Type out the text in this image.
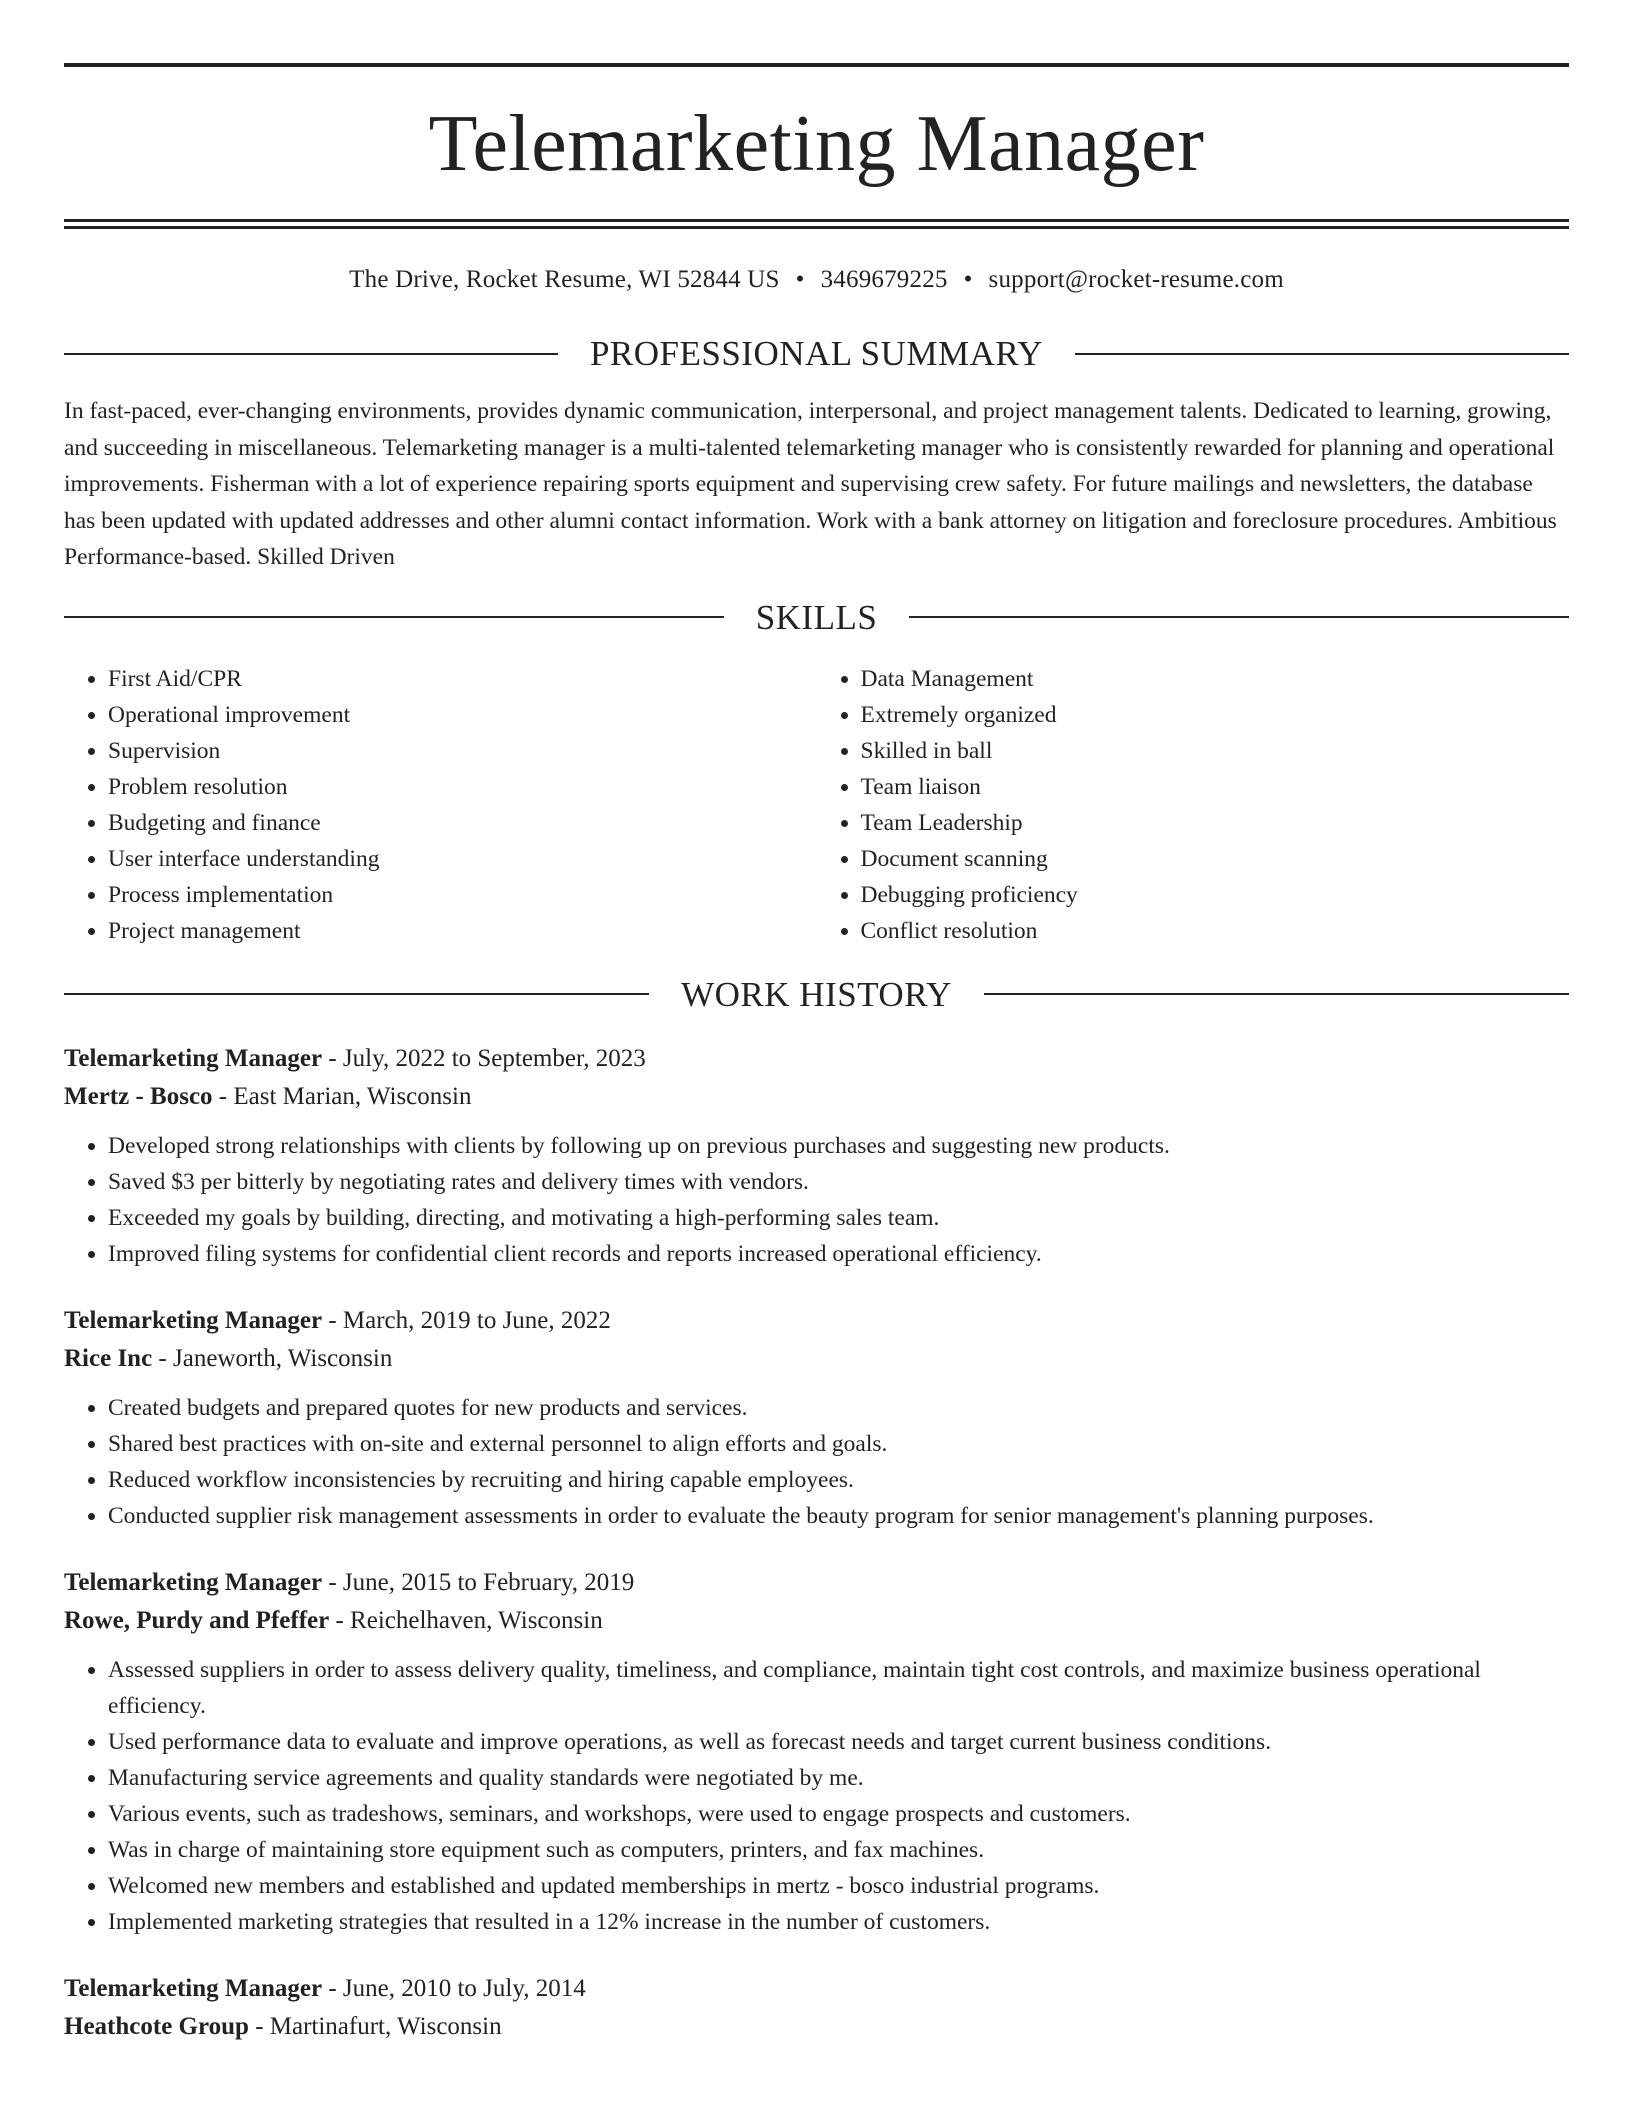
Telemarketing Manager
The Drive, Rocket Resume, WI 52844 US • 3469679225 • support@rocket-resume.com
PROFESSIONAL SUMMARY
In fast-paced, ever-changing environments, provides dynamic communication, interpersonal, and project management talents. Dedicated to learning, growing, and succeeding in miscellaneous. Telemarketing manager is a multi-talented telemarketing manager who is consistently rewarded for planning and operational improvements. Fisherman with a lot of experience repairing sports equipment and supervising crew safety. For future mailings and newsletters, the database has been updated with updated addresses and other alumni contact information. Work with a bank attorney on litigation and foreclosure procedures. Ambitious Performance-based. Skilled Driven
SKILLS
• First Aid/CPR
• Operational improvement
• Supervision
• Problem resolution
• Budgeting and finance
• User interface understanding
• Process implementation
• Project management
• Data Management
• Extremely organized
• Skilled in ball
• Team liaison
• Team Leadership
• Document scanning
• Debugging proficiency
• Conflict resolution
WORK HISTORY
Telemarketing Manager - July, 2022 to September, 2023
Mertz - Bosco - East Marian, Wisconsin
• Developed strong relationships with clients by following up on previous purchases and suggesting new products.
• Saved $3 per bitterly by negotiating rates and delivery times with vendors.
• Exceeded my goals by building, directing, and motivating a high-performing sales team.
• Improved filing systems for confidential client records and reports increased operational efficiency.
Telemarketing Manager - March, 2019 to June, 2022
Rice Inc - Janeworth, Wisconsin
• Created budgets and prepared quotes for new products and services.
• Shared best practices with on-site and external personnel to align efforts and goals.
• Reduced workflow inconsistencies by recruiting and hiring capable employees.
• Conducted supplier risk management assessments in order to evaluate the beauty program for senior management's planning purposes.
Telemarketing Manager - June, 2015 to February, 2019
Rowe, Purdy and Pfeffer - Reichelhaven, Wisconsin
• Assessed suppliers in order to assess delivery quality, timeliness, and compliance, maintain tight cost controls, and maximize business operational efficiency.
• Used performance data to evaluate and improve operations, as well as forecast needs and target current business conditions.
• Manufacturing service agreements and quality standards were negotiated by me.
• Various events, such as tradeshows, seminars, and workshops, were used to engage prospects and customers.
• Was in charge of maintaining store equipment such as computers, printers, and fax machines.
• Welcomed new members and established and updated memberships in mertz - bosco industrial programs.
• Implemented marketing strategies that resulted in a 12% increase in the number of customers.
Telemarketing Manager - June, 2010 to July, 2014
Heathcote Group - Martinafurt, Wisconsin
